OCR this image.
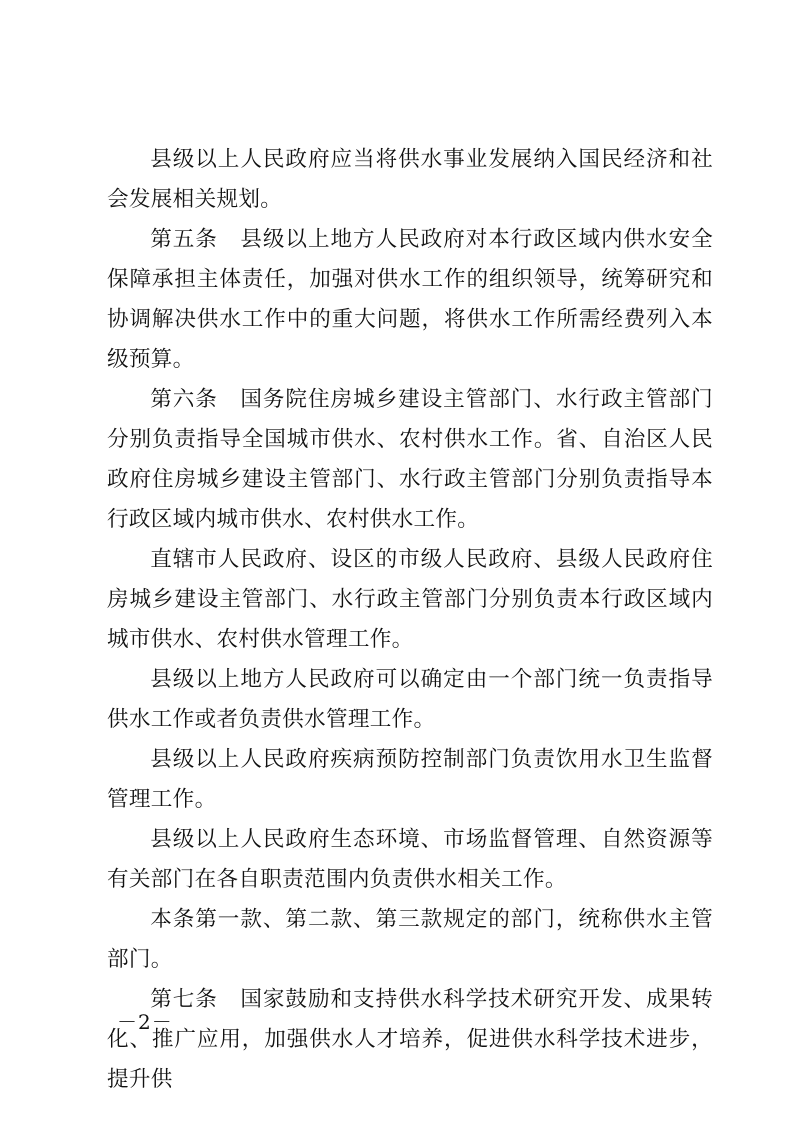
县级以上人民政府应当将供水事业发展纳入国民经济和社会发展相关规划。

第五条　县级以上地方人民政府对本行政区域内供水安全保障承担主体责任，加强对供水工作的组织领导，统筹研究和协调解决供水工作中的重大问题，将供水工作所需经费列入本级预算。

第六条　国务院住房城乡建设主管部门、水行政主管部门分别负责指导全国城市供水、农村供水工作。省、自治区人民政府住房城乡建设主管部门、水行政主管部门分别负责指导本行政区域内城市供水、农村供水工作。

直辖市人民政府、设区的市级人民政府、县级人民政府住房城乡建设主管部门、水行政主管部门分别负责本行政区域内城市供水、农村供水管理工作。

县级以上地方人民政府可以确定由一个部门统一负责指导供水工作或者负责供水管理工作。

县级以上人民政府疾病预防控制部门负责饮用水卫生监督管理工作。

县级以上人民政府生态环境、市场监督管理、自然资源等有关部门在各自职责范围内负责供水相关工作。

本条第一款、第二款、第三款规定的部门，统称供水主管部门。

第七条　国家鼓励和支持供水科学技术研究开发、成果转化、推广应用，加强供水人才培养，促进供水科学技术进步，提升供

－2－
